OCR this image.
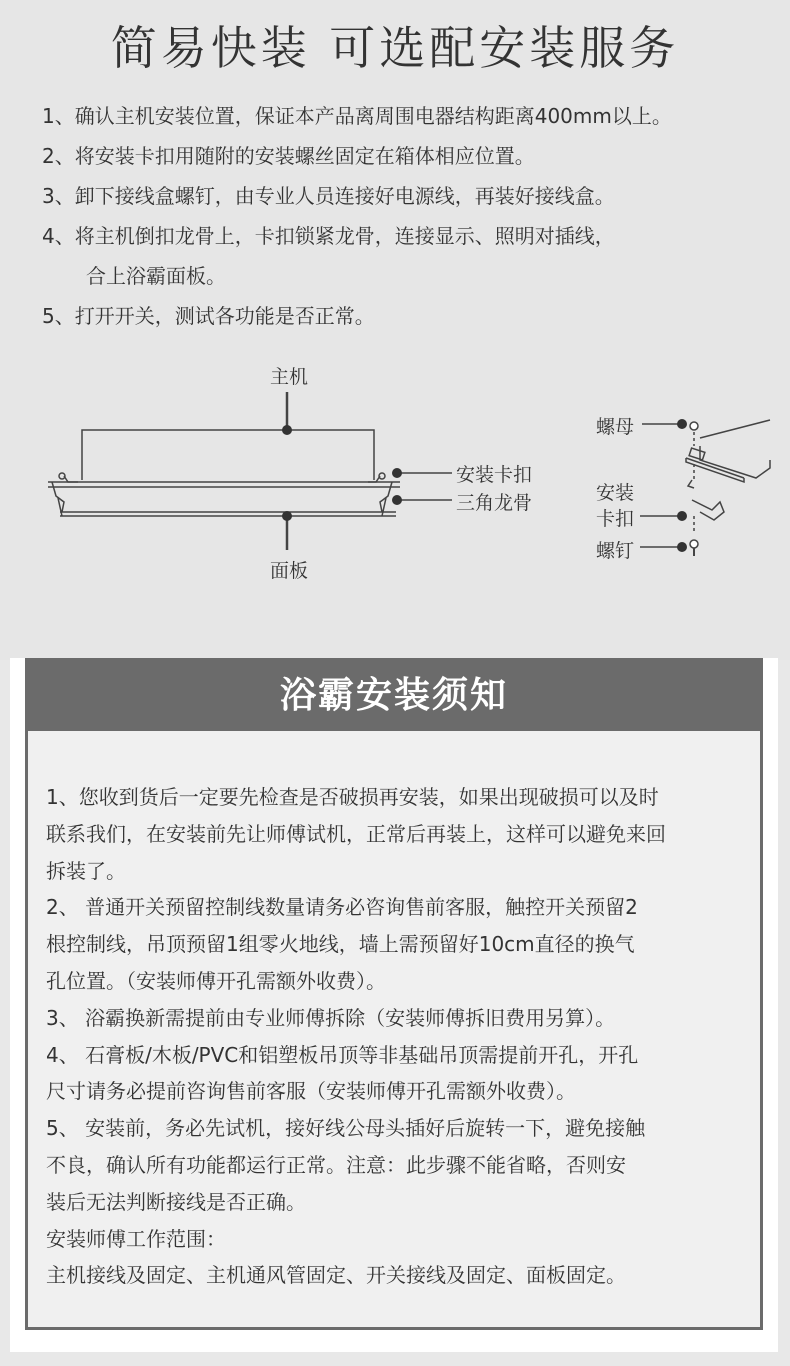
简易快装 可选配安装服务
1、确认主机安装位置，保证本产品离周围电器结构距离400mm以上。
2、将安装卡扣用随附的安装螺丝固定在箱体相应位置。
3、卸下接线盒螺钉，由专业人员连接好电源线，再装好接线盒。
4、将主机倒扣龙骨上，卡扣锁紧龙骨，连接显示、照明对插线，
合上浴霸面板。
5、打开开关，测试各功能是否正常。
主机
安装卡扣
三角龙骨
面板
螺母
安装
卡扣
螺钉
浴霸安装须知
1、您收到货后一定要先检查是否破损再安装，如果出现破损可以及时
联系我们，在安装前先让师傅试机，正常后再装上，这样可以避免来回
拆装了。
2、 普通开关预留控制线数量请务必咨询售前客服，触控开关预留2
根控制线，吊顶预留1组零火地线，墙上需预留好10cm直径的换气
孔位置。（安装师傅开孔需额外收费）。
3、 浴霸换新需提前由专业师傅拆除（安装师傅拆旧费用另算）。
4、 石膏板/木板/PVC和铝塑板吊顶等非基础吊顶需提前开孔，开孔
尺寸请务必提前咨询售前客服（安装师傅开孔需额外收费）。
5、 安装前，务必先试机，接好线公母头插好后旋转一下，避免接触
不良，确认所有功能都运行正常。注意：此步骤不能省略，否则安
装后无法判断接线是否正确。
安装师傅工作范围：
主机接线及固定、主机通风管固定、开关接线及固定、面板固定。
